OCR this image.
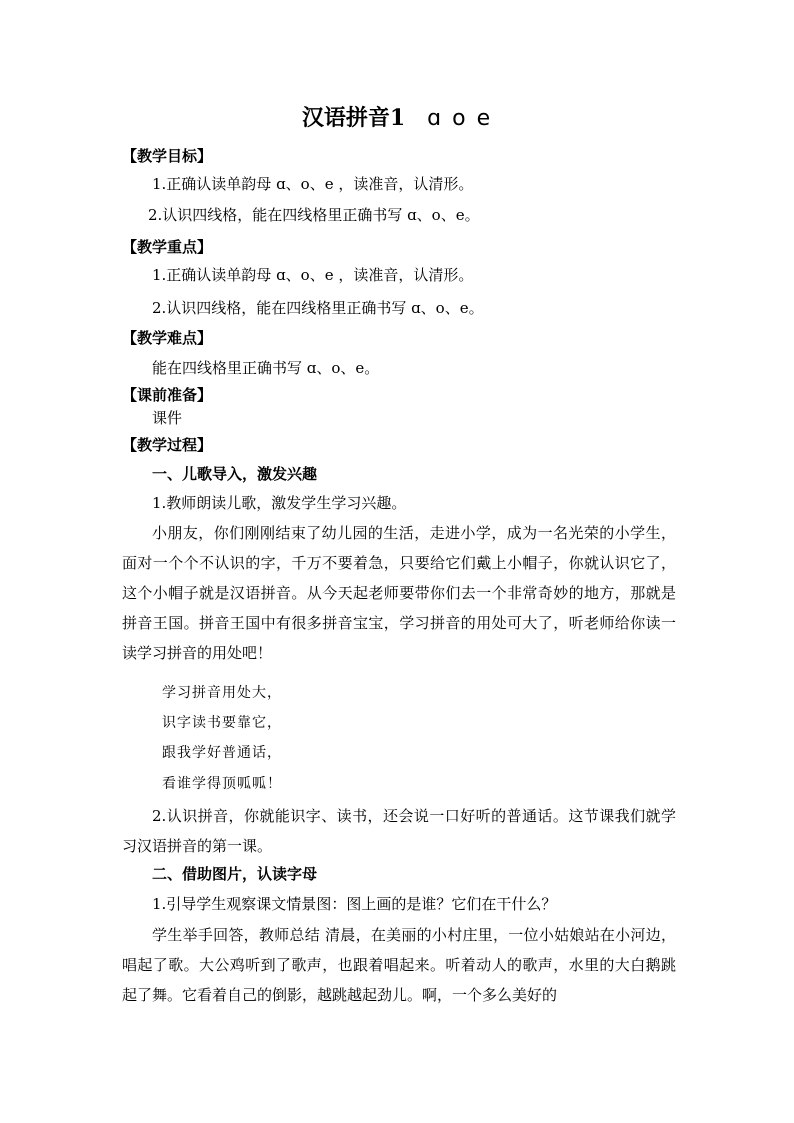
汉语拼音1 ɑ o e
【教学目标】
1.正确认读单韵母 ɑ、o、e ，读准音，认清形。
2.认识四线格，能在四线格里正确书写 ɑ、o、e。
【教学重点】
1.正确认读单韵母 ɑ、o、e ，读准音，认清形。
2.认识四线格，能在四线格里正确书写 ɑ、o、e。
【教学难点】
能在四线格里正确书写 ɑ、o、e。
【课前准备】
课件
【教学过程】
一、儿歌导入，激发兴趣
1.教师朗读儿歌，激发学生学习兴趣。
小朋友，你们刚刚结束了幼儿园的生活，走进小学，成为一名光荣的小学生，面对一个个不认识的字，千万不要着急，只要给它们戴上小帽子，你就认识它了，这个小帽子就是汉语拼音。从今天起老师要带你们去一个非常奇妙的地方，那就是拼音王国。拼音王国中有很多拼音宝宝，学习拼音的用处可大了，听老师给你读一读学习拼音的用处吧！
学习拼音用处大，
识字读书要靠它，
跟我学好普通话，
看谁学得顶呱呱！
2.认识拼音，你就能识字、读书，还会说一口好听的普通话。这节课我们就学习汉语拼音的第一课。
二、借助图片，认读字母
1.引导学生观察课文情景图：图上画的是谁？它们在干什么？
学生举手回答，教师总结 清晨，在美丽的小村庄里，一位小姑娘站在小河边，唱起了歌。大公鸡听到了歌声，也跟着唱起来。听着动人的歌声，水里的大白鹅跳起了舞。它看着自己的倒影，越跳越起劲儿。啊，一个多么美好的
